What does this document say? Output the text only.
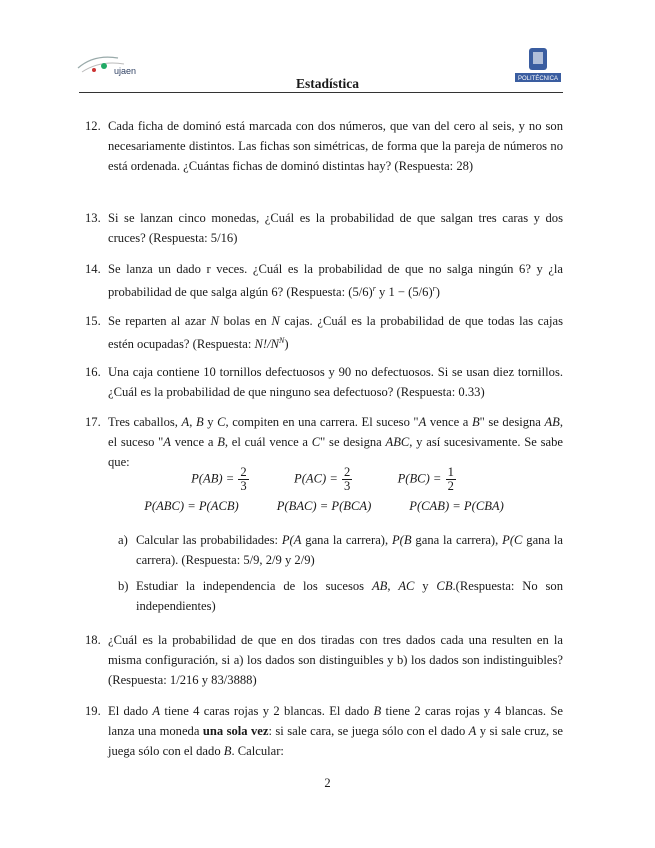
ujaen
POLITÉCNICA
Estadística
12. Cada ficha de dominó está marcada con dos números, que van del cero al seis, y no son necesariamente distintos. Las fichas son simétricas, de forma que la pareja de números no está ordenada. ¿Cuántas fichas de dominó distintas hay? (Respuesta: 28)
13. Si se lanzan cinco monedas, ¿Cuál es la probabilidad de que salgan tres caras y dos cruces? (Respuesta: 5/16)
14. Se lanza un dado r veces. ¿Cuál es la probabilidad de que no salga ningún 6? y ¿la probabilidad de que salga algún 6? (Respuesta: $(5/6)^r$ y $1 - (5/6)^r$)
15. Se reparten al azar N bolas en N cajas. ¿Cuál es la probabilidad de que todas las cajas estén ocupadas? (Respuesta: $N!/N^N$)
16. Una caja contiene 10 tornillos defectuosos y 90 no defectuosos. Si se usan diez tornillos. ¿Cuál es la probabilidad de que ninguno sea defectuoso? (Respuesta: 0.33)
17. Tres caballos, A, B y C, compiten en una carrera. El suceso "A vence a B" se designa AB, el suceso "A vence a B, el cuál vence a C" se designa ABC, y así sucesivamente. Se sabe que:
$P(AB) = \frac{2}{3}$	$P(AC) = \frac{2}{3}$	$P(BC) = \frac{1}{2}$
P(ABC) = P(ACB)	P(BAC) = P(BCA)	P(CAB) = P(CBA)
a) Calcular las probabilidades: P(A gana la carrera), P(B gana la carrera), P(C gana la carrera). (Respuesta: 5/9, 2/9 y 2/9)
b) Estudiar la independencia de los sucesos AB, AC y CB.(Respuesta: No son independientes)
18. ¿Cuál es la probabilidad de que en dos tiradas con tres dados cada una resulten en la misma configuración, si a) los dados son distinguibles y b) los dados son indistinguibles? (Respuesta: 1/216 y 83/3888)
19. El dado A tiene 4 caras rojas y 2 blancas. El dado B tiene 2 caras rojas y 4 blancas. Se lanza una moneda una sola vez: si sale cara, se juega sólo con el dado A y si sale cruz, se juega sólo con el dado B. Calcular:
2
